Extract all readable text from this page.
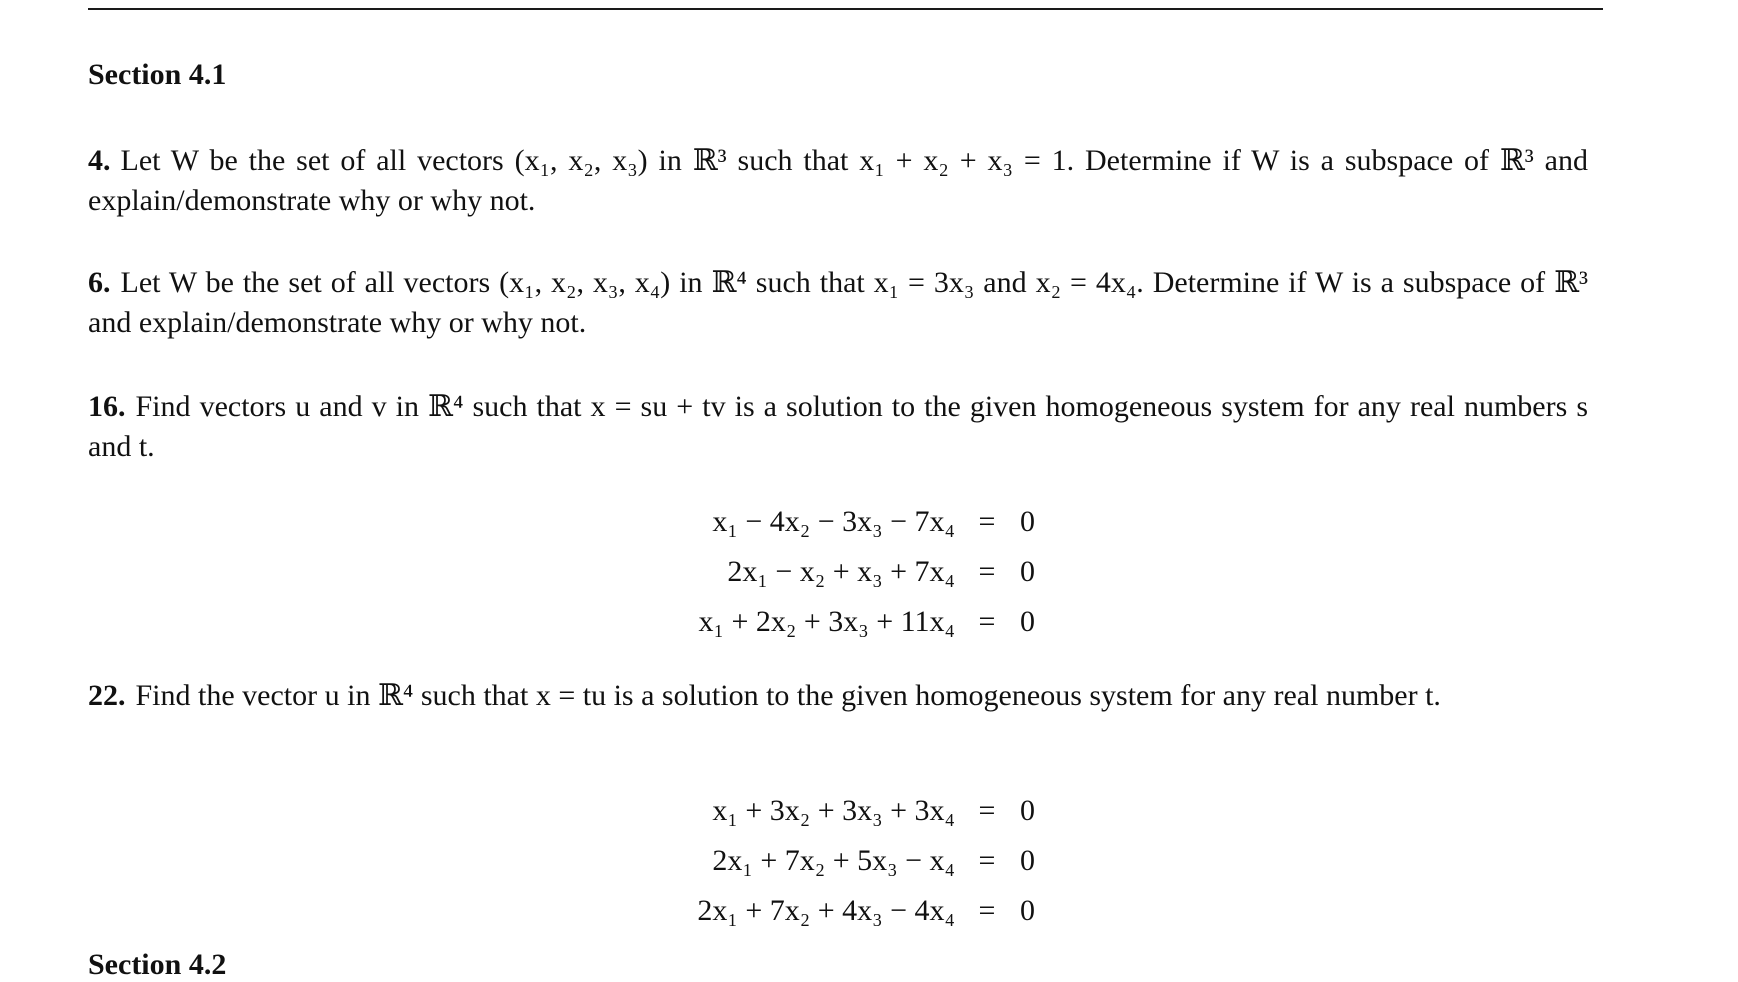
Section 4.1
4. Let W be the set of all vectors (x₁, x₂, x₃) in ℝ³ such that x₁ + x₂ + x₃ = 1. Determine if W is a subspace of ℝ³ and explain/demonstrate why or why not.
6. Let W be the set of all vectors (x₁, x₂, x₃, x₄) in ℝ⁴ such that x₁ = 3x₃ and x₂ = 4x₄. Determine if W is a subspace of ℝ³ and explain/demonstrate why or why not.
16. Find vectors u and v in ℝ⁴ such that x = su + tv is a solution to the given homogeneous system for any real numbers s and t.
x₁ − 4x₂ − 3x₃ − 7x₄ = 0
2x₁ − x₂ + x₃ + 7x₄ = 0
x₁ + 2x₂ + 3x₃ + 11x₄ = 0
22. Find the vector u in ℝ⁴ such that x = tu is a solution to the given homogeneous system for any real number t.
x₁ + 3x₂ + 3x₃ + 3x₄ = 0
2x₁ + 7x₂ + 5x₃ − x₄ = 0
2x₁ + 7x₂ + 4x₃ − 4x₄ = 0
Section 4.2
